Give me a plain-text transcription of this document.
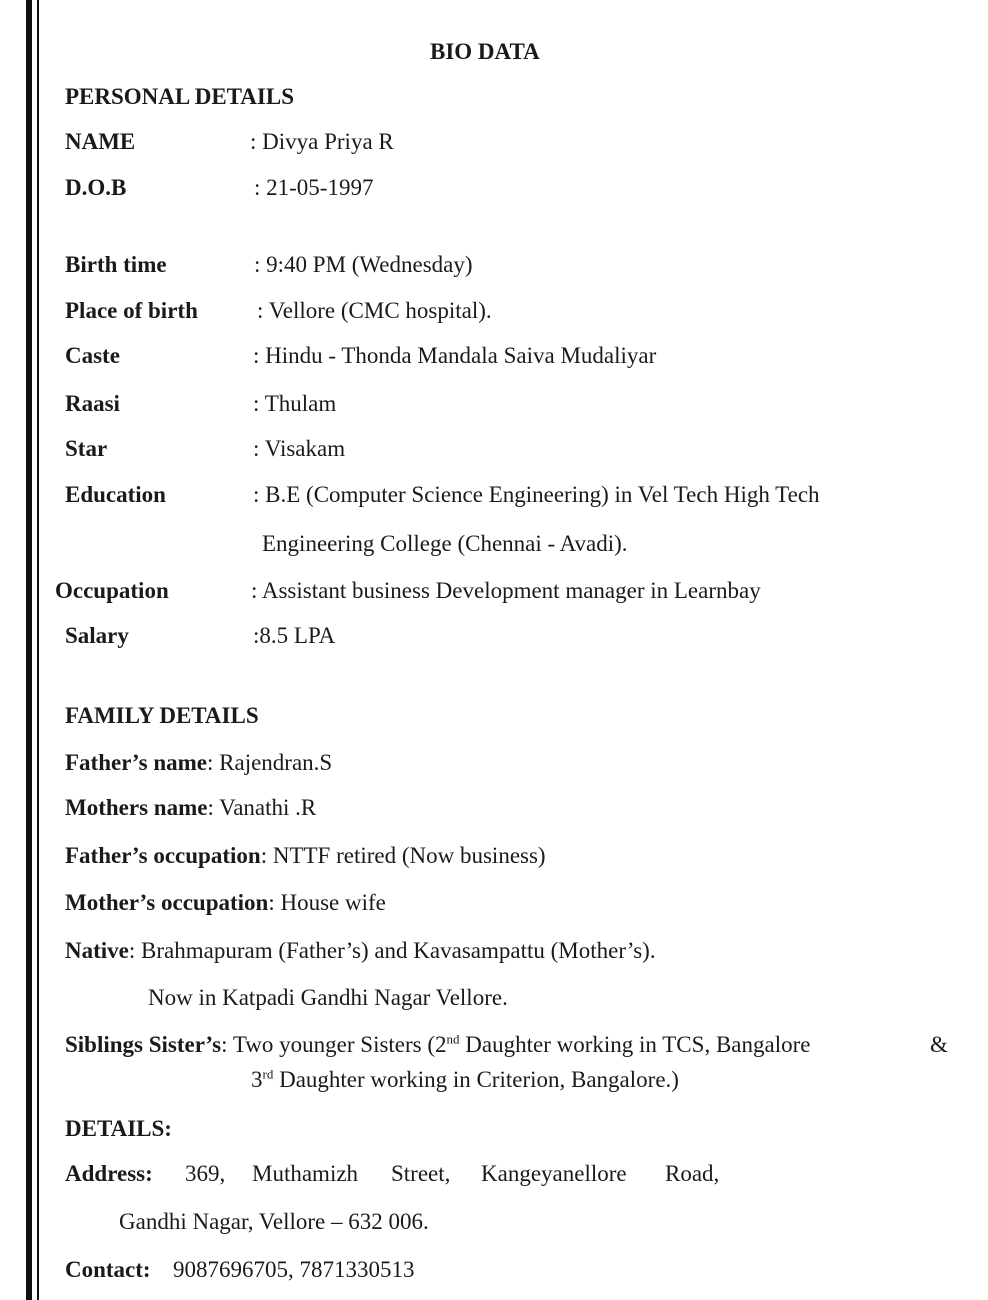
BIO DATA
PERSONAL DETAILS
NAME	: Divya Priya R
D.O.B	: 21-05-1997
Birth time	: 9:40 PM (Wednesday)
Place of birth	: Vellore (CMC hospital).
Caste	: Hindu - Thonda Mandala Saiva Mudaliyar
Raasi	: Thulam
Star	: Visakam
Education	: B.E (Computer Science Engineering) in Vel Tech High Tech
Engineering College (Chennai - Avadi).
Occupation	: Assistant business Development manager in Learnbay
Salary	:8.5 LPA
FAMILY DETAILS
Father’s name: Rajendran.S
Mothers name: Vanathi .R
Father’s occupation: NTTF retired (Now business)
Mother’s occupation: House wife
Native: Brahmapuram (Father’s) and Kavasampattu (Mother’s).
Now in Katpadi Gandhi Nagar Vellore.
Siblings Sister’s: Two younger Sisters (2nd Daughter working in TCS, Bangalore	&
3rd Daughter working in Criterion, Bangalore.)
DETAILS:
Address: 369, Muthamizh Street, Kangeyanellore Road,
Gandhi Nagar, Vellore – 632 006.
Contact: 9087696705, 7871330513
